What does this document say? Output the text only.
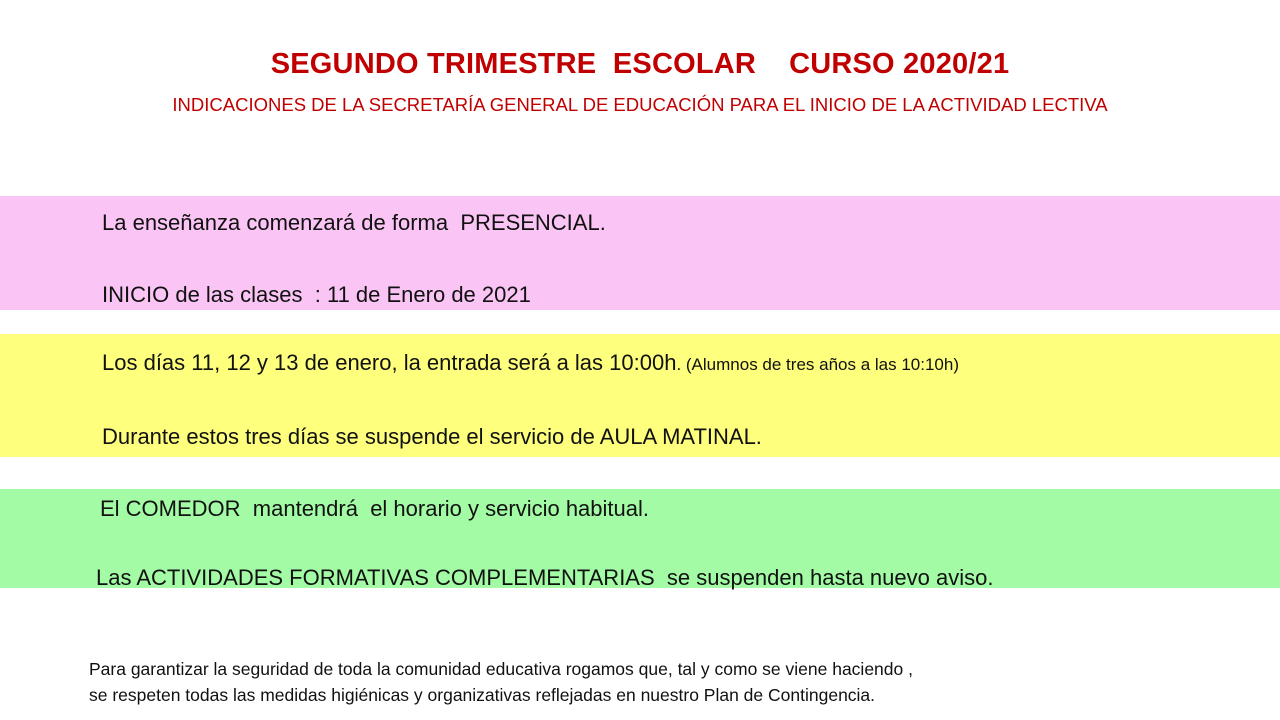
SEGUNDO TRIMESTRE  ESCOLAR    CURSO 2020/21
INDICACIONES DE LA SECRETARÍA GENERAL DE EDUCACIÓN PARA EL INICIO DE LA ACTIVIDAD LECTIVA
La enseñanza comenzará de forma  PRESENCIAL.
INICIO de las clases  : 11 de Enero de 2021
Los días 11, 12 y 13 de enero, la entrada será a las 10:00h. (Alumnos de tres años a las 10:10h)
Durante estos tres días se suspende el servicio de AULA MATINAL.
El COMEDOR  mantendrá  el horario y servicio habitual.
Las ACTIVIDADES FORMATIVAS COMPLEMENTARIAS  se suspenden hasta nuevo aviso.
Para garantizar la seguridad de toda la comunidad educativa rogamos que, tal y como se viene haciendo ,
se respeten todas las medidas higiénicas y organizativas reflejadas en nuestro Plan de Contingencia.
